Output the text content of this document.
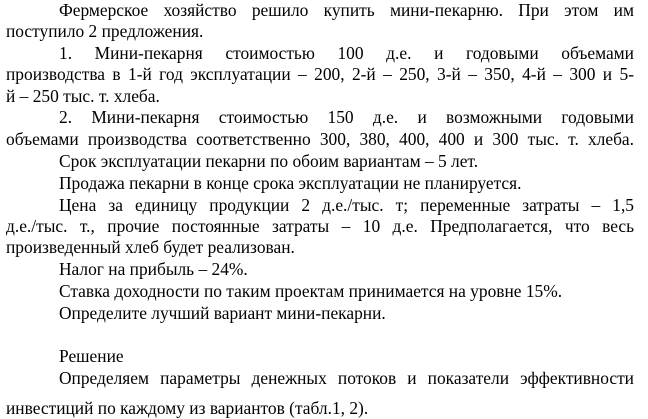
Фермерское хозяйство решило купить мини-пекарню. При этом им
поступило 2 предложения.
1. Мини-пекарня стоимостью 100 д.е. и годовыми объемами
производства в 1-й год эксплуатации – 200, 2-й – 250, 3-й – 350, 4-й – 300 и 5-
й – 250 тыс. т. хлеба.
2. Мини-пекарня стоимостью 150 д.е. и возможными годовыми
объемами производства соответственно 300, 380, 400, 400 и 300 тыс. т. хлеба.
Срок эксплуатации пекарни по обоим вариантам – 5 лет.
Продажа пекарни в конце срока эксплуатации не планируется.
Цена за единицу продукции 2 д.е./тыс. т; переменные затраты – 1,5
д.е./тыс. т., прочие постоянные затраты – 10 д.е. Предполагается, что весь
произведенный хлеб будет реализован.
Налог на прибыль – 24%.
Ставка доходности по таким проектам принимается на уровне 15%.
Определите лучший вариант мини-пекарни.
Решение
Определяем параметры денежных потоков и показатели эффективности
инвестиций по каждому из вариантов (табл.1, 2).
